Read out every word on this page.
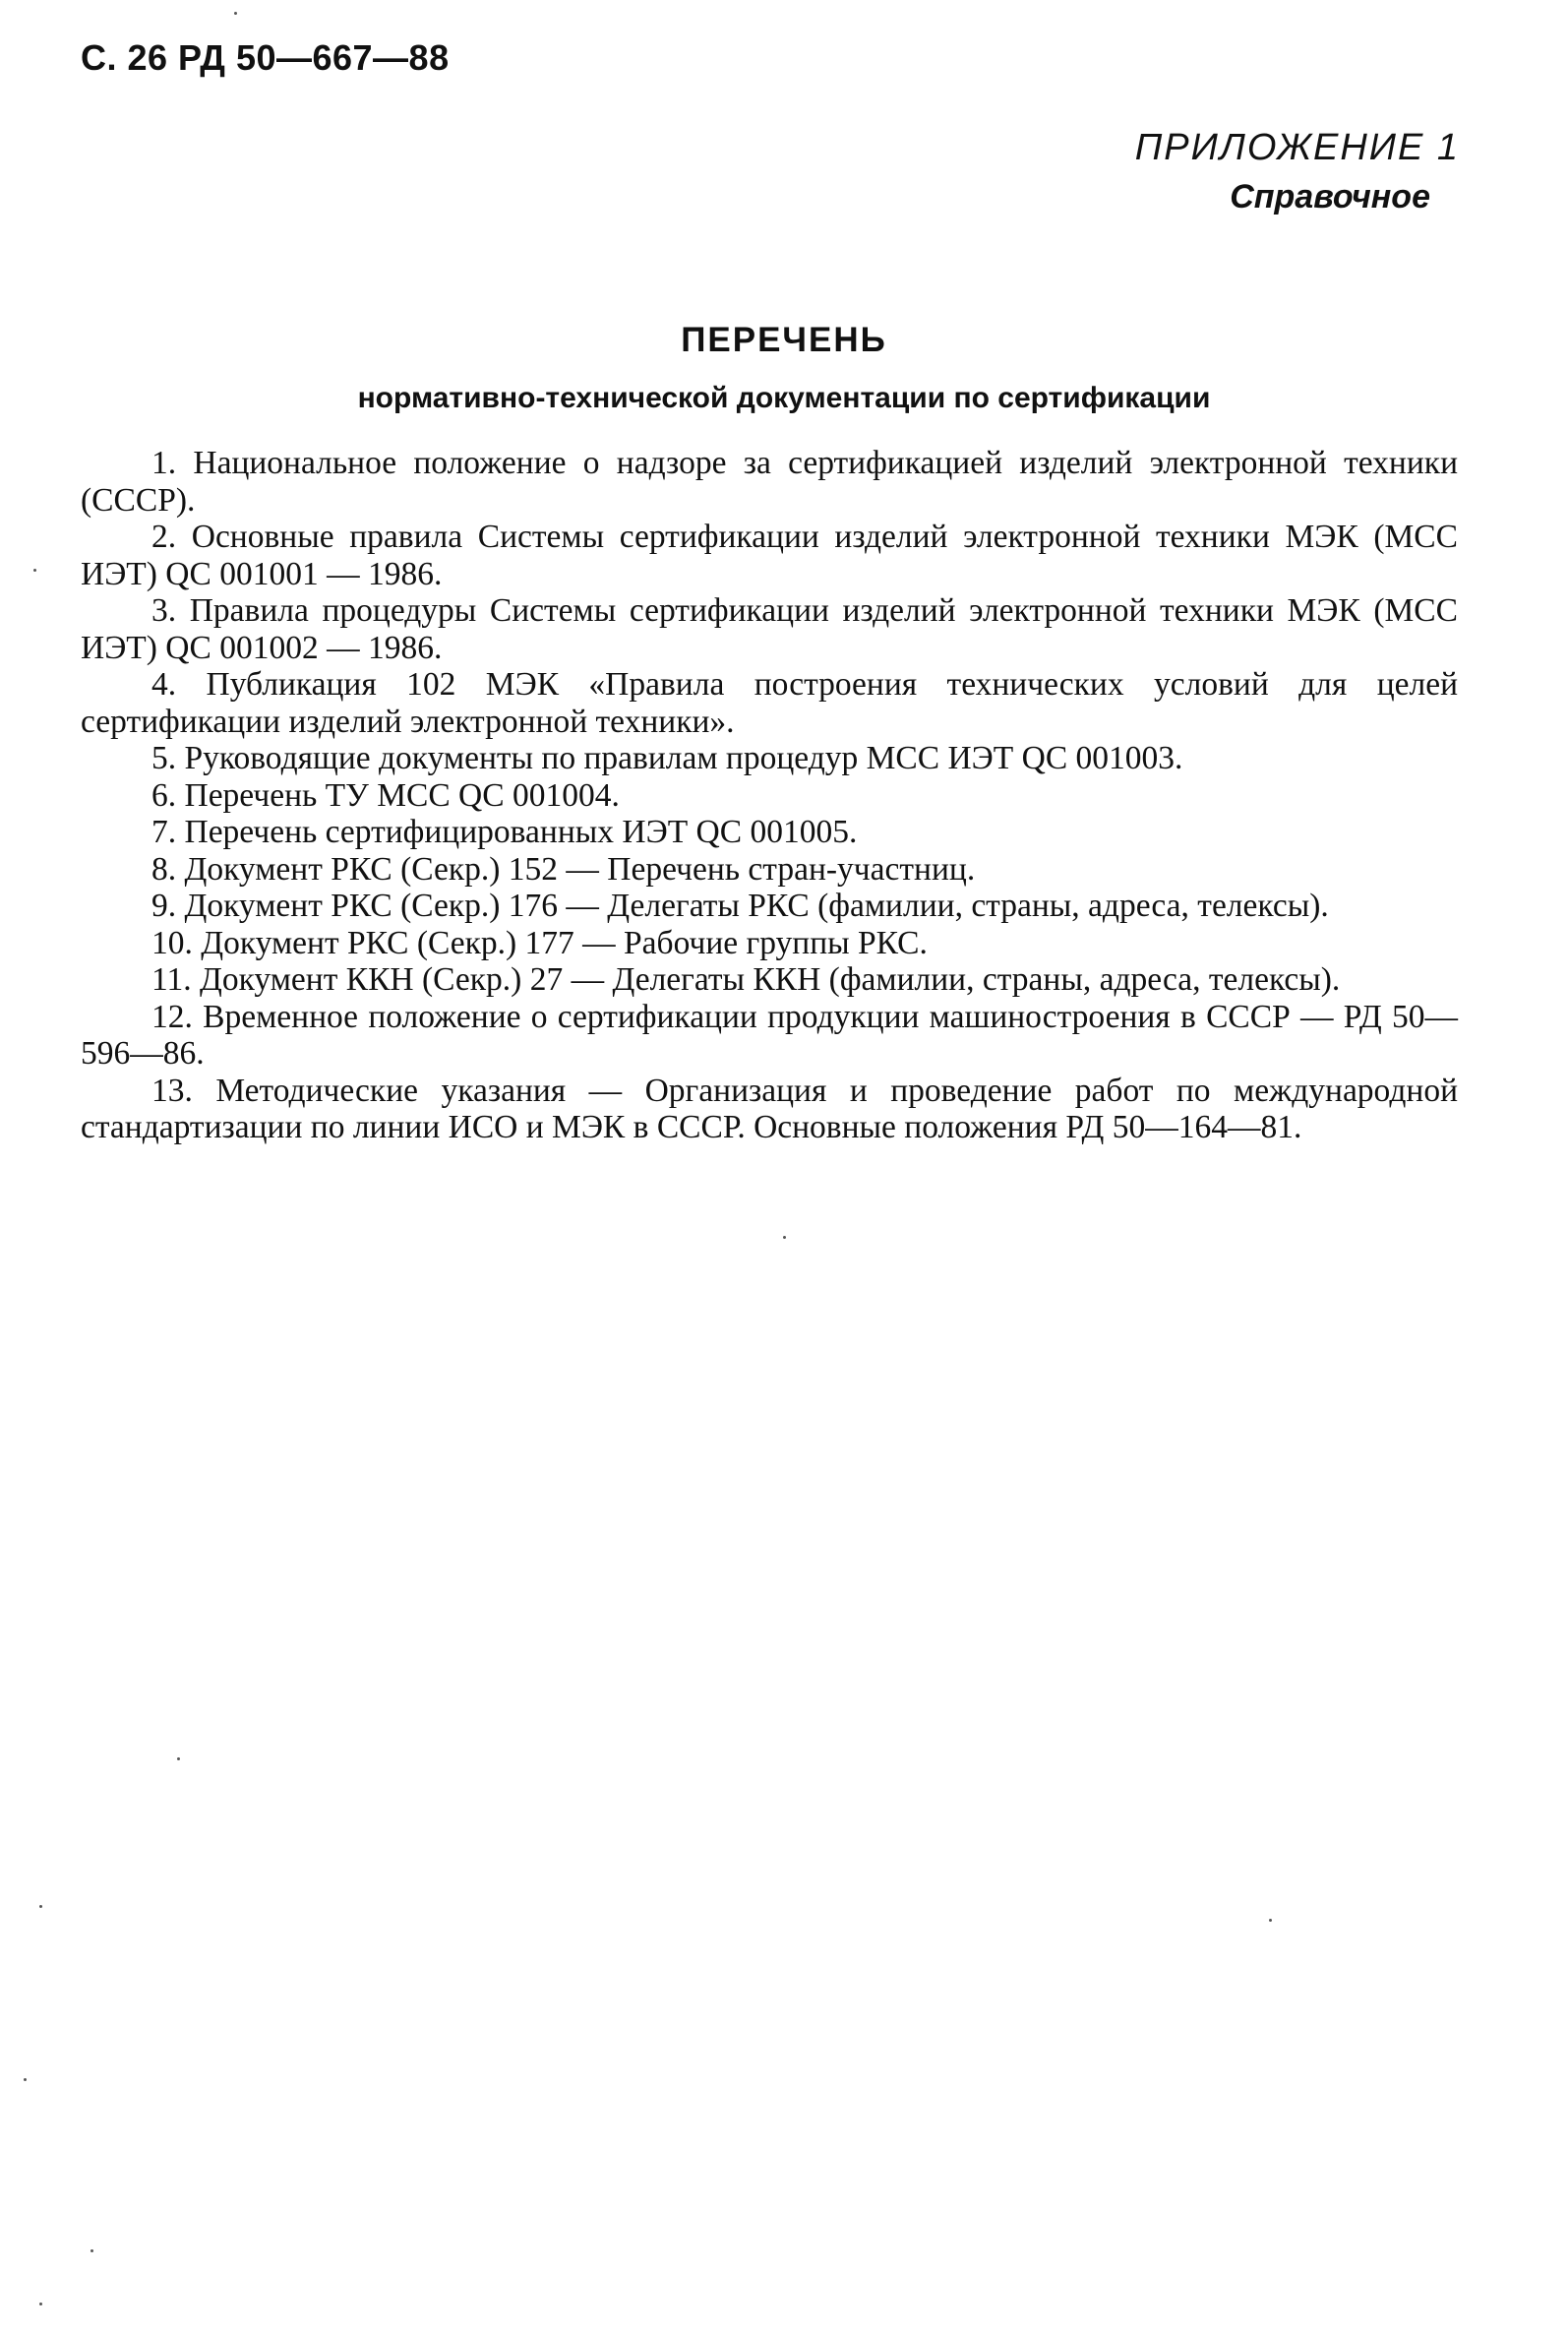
С. 26 РД 50—667—88
ПРИЛОЖЕНИЕ 1
Справочное
ПЕРЕЧЕНЬ
нормативно-технической документации по сертификации

1. Национальное положение о надзоре за сертификацией изделий электронной техники (СССР).

2. Основные правила Системы сертификации изделий электронной техники МЭК (МСС ИЭТ) QC 001001 — 1986.

3. Правила процедуры Системы сертификации изделий электронной техники МЭК (МСС ИЭТ) QC 001002 — 1986.

4. Публикация 102 МЭК «Правила построения технических условий для целей сертификации изделий электронной техники».

5. Руководящие документы по правилам процедур МСС ИЭТ QC 001003.

6. Перечень ТУ МСС QC 001004.

7. Перечень сертифицированных ИЭТ QC 001005.

8. Документ РКС (Секр.) 152 — Перечень стран-участниц.

9. Документ РКС (Секр.) 176 — Делегаты РКС (фамилии, страны, адреса, телексы).

10. Документ РКС (Секр.) 177 — Рабочие группы РКС.

11. Документ ККН (Секр.) 27 — Делегаты ККН (фамилии, страны, адреса, телексы).

12. Временное положение о сертификации продукции машиностроения в СССР — РД 50—596—86.

13. Методические указания — Организация и проведение работ по международной стандартизации по линии ИСО и МЭК в СССР. Основные положения РД 50—164—81.
